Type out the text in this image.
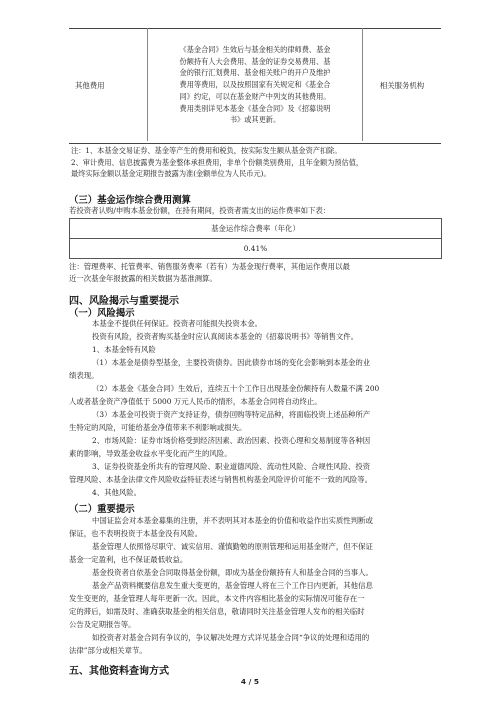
其他费用	
《基金合同》生效后与基金相关的律师费、基金
份额持有人大会费用、基金的证券交易费用、基
金的银行汇划费用、基金相关账户的开户及维护
费用等费用，以及按照国家有关规定和《基金合
同》约定，可以在基金财产中列支的其他费用。
费用类别详见本基金《基金合同》及《招募说明
书》或其更新。
	相关服务机构
注：1、本基金交易证券、基金等产生的费用和税负，按实际发生额从基金资产扣除。
2、审计费用、信息披露费为基金整体承担费用，非单个份额类别费用，且年金额为预估值，
最终实际金额以基金定期报告披露为准(金额单位为人民币元)。
（三）基金运作综合费用测算

若投资者认购/申购本基金份额，在持有期间，投资者需支出的运作费率如下表：

基金运作综合费率（年化）
0.41%

注：管理费率、托管费率、销售服务费率（若有）为基金现行费率，其他运作费用以最

近一次基金年报披露的相关数据为基准测算。

四、风险揭示与重要提示
（一）风险揭示

本基金不提供任何保证。投资者可能损失投资本金。

投资有风险，投资者购买基金时应认真阅读本基金的《招募说明书》等销售文件。

1、本基金特有风险

（1）本基金是债券型基金，主要投资债券。因此债券市场的变化会影响到本基金的业

绩表现。

（2）本基金《基金合同》生效后，连续五十个工作日出现基金份额持有人数量不满 200

人或者基金资产净值低于 5000 万元人民币的情形，本基金合同将自动终止。

（3）本基金可投资于资产支持证券，债券回购等特定品种，将面临投资上述品种所产

生特定的风险，可能给基金净值带来不利影响或损失。

2、市场风险：证券市场价格受到经济因素、政治因素、投资心理和交易制度等各种因

素的影响，导致基金收益水平变化而产生的风险。

3、证券投资基金所共有的管理风险、职业道德风险、流动性风险、合规性风险、投资

管理风险、本基金法律文件风险收益特征表述与销售机构基金风险评价可能不一致的风险等。

4、其他风险。

（二）重要提示

中国证监会对本基金募集的注册，并不表明其对本基金的价值和收益作出实质性判断或

保证，也不表明投资于本基金没有风险。

基金管理人依照恪尽职守、诚实信用、谨慎勤勉的原则管理和运用基金财产，但不保证

基金一定盈利，也不保证最低收益。

基金投资者自依基金合同取得基金份额，即成为基金份额持有人和基金合同的当事人。

基金产品资料概要信息发生重大变更的，基金管理人将在三个工作日内更新，其他信息

发生变更的，基金管理人每年更新一次。因此，本文件内容相比基金的实际情况可能存在一

定的滞后，如需及时、准确获取基金的相关信息，敬请同时关注基金管理人发布的相关临时

公告及定期报告等。

如投资者对基金合同有争议的，争议解决处理方式详见基金合同“争议的处理和适用的

法律”部分或相关章节。

五、其他资料查询方式
4 / 5
